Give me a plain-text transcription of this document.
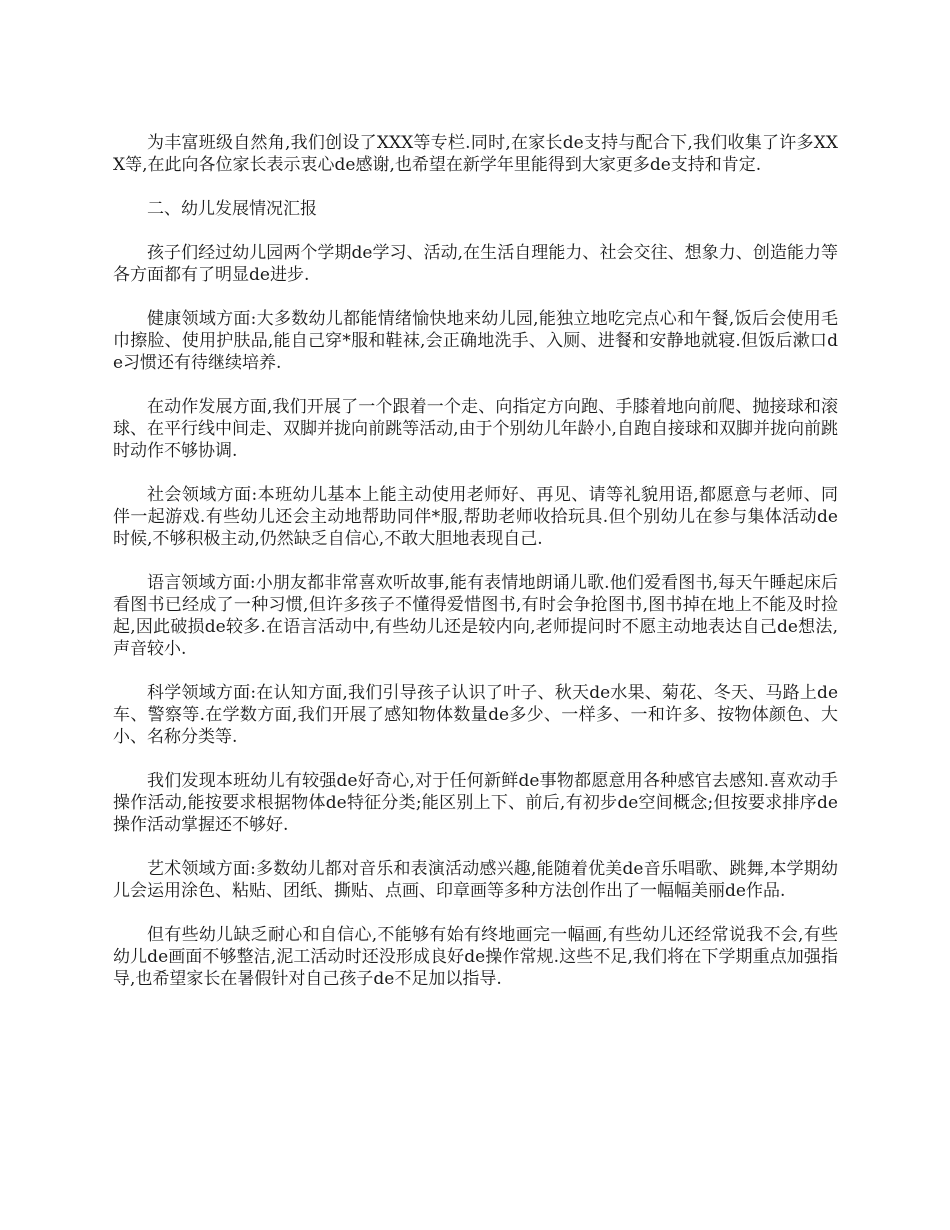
为丰富班级自然角,我们创设了XXX等专栏.同时,在家长de支持与配合下,我们收集了许多XXX等,在此向各位家长表示衷心de感谢,也希望在新学年里能得到大家更多de支持和肯定.

二、幼儿发展情况汇报

孩子们经过幼儿园两个学期de学习、活动,在生活自理能力、社会交往、想象力、创造能力等各方面都有了明显de进步.

健康领域方面:大多数幼儿都能情绪愉快地来幼儿园,能独立地吃完点心和午餐,饭后会使用毛巾擦脸、使用护肤品,能自己穿*服和鞋袜,会正确地洗手、入厕、进餐和安静地就寝.但饭后漱口de习惯还有待继续培养.

在动作发展方面,我们开展了一个跟着一个走、向指定方向跑、手膝着地向前爬、抛接球和滚球、在平行线中间走、双脚并拢向前跳等活动,由于个别幼儿年龄小,自跑自接球和双脚并拢向前跳时动作不够协调.

社会领域方面:本班幼儿基本上能主动使用老师好、再见、请等礼貌用语,都愿意与老师、同伴一起游戏.有些幼儿还会主动地帮助同伴*服,帮助老师收拾玩具.但个别幼儿在参与集体活动de时候,不够积极主动,仍然缺乏自信心,不敢大胆地表现自己.

语言领域方面:小朋友都非常喜欢听故事,能有表情地朗诵儿歌.他们爱看图书,每天午睡起床后看图书已经成了一种习惯,但许多孩子不懂得爱惜图书,有时会争抢图书,图书掉在地上不能及时捡起,因此破损de较多.在语言活动中,有些幼儿还是较内向,老师提问时不愿主动地表达自己de想法,声音较小.

科学领域方面:在认知方面,我们引导孩子认识了叶子、秋天de水果、菊花、冬天、马路上de车、警察等.在学数方面,我们开展了感知物体数量de多少、一样多、一和许多、按物体颜色、大小、名称分类等.

我们发现本班幼儿有较强de好奇心,对于任何新鲜de事物都愿意用各种感官去感知.喜欢动手操作活动,能按要求根据物体de特征分类;能区别上下、前后,有初步de空间概念;但按要求排序de操作活动掌握还不够好.

艺术领域方面:多数幼儿都对音乐和表演活动感兴趣,能随着优美de音乐唱歌、跳舞,本学期幼儿会运用涂色、粘贴、团纸、撕贴、点画、印章画等多种方法创作出了一幅幅美丽de作品.

但有些幼儿缺乏耐心和自信心,不能够有始有终地画完一幅画,有些幼儿还经常说我不会,有些幼儿de画面不够整洁,泥工活动时还没形成良好de操作常规.这些不足,我们将在下学期重点加强指导,也希望家长在暑假针对自己孩子de不足加以指导.
